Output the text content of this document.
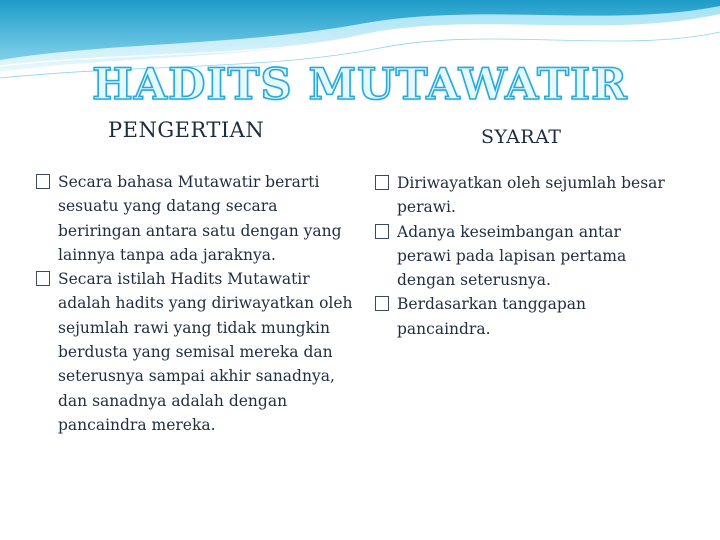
HADITS MUTAWATIR
PENGERTIAN
Secara bahasa Mutawatir berarti sesuatu yang datang secara beriringan antara satu dengan yang lainnya tanpa ada jaraknya.
Secara istilah Hadits Mutawatir adalah hadits yang diriwayatkan oleh sejumlah rawi yang tidak mungkin berdusta yang semisal mereka dan seterusnya sampai akhir sanadnya, dan sanadnya adalah dengan pancaindra mereka.
SYARAT
Diriwayatkan oleh sejumlah besar perawi.
Adanya keseimbangan antar perawi pada lapisan pertama dengan seterusnya.
Berdasarkan tanggapan pancaindra.
